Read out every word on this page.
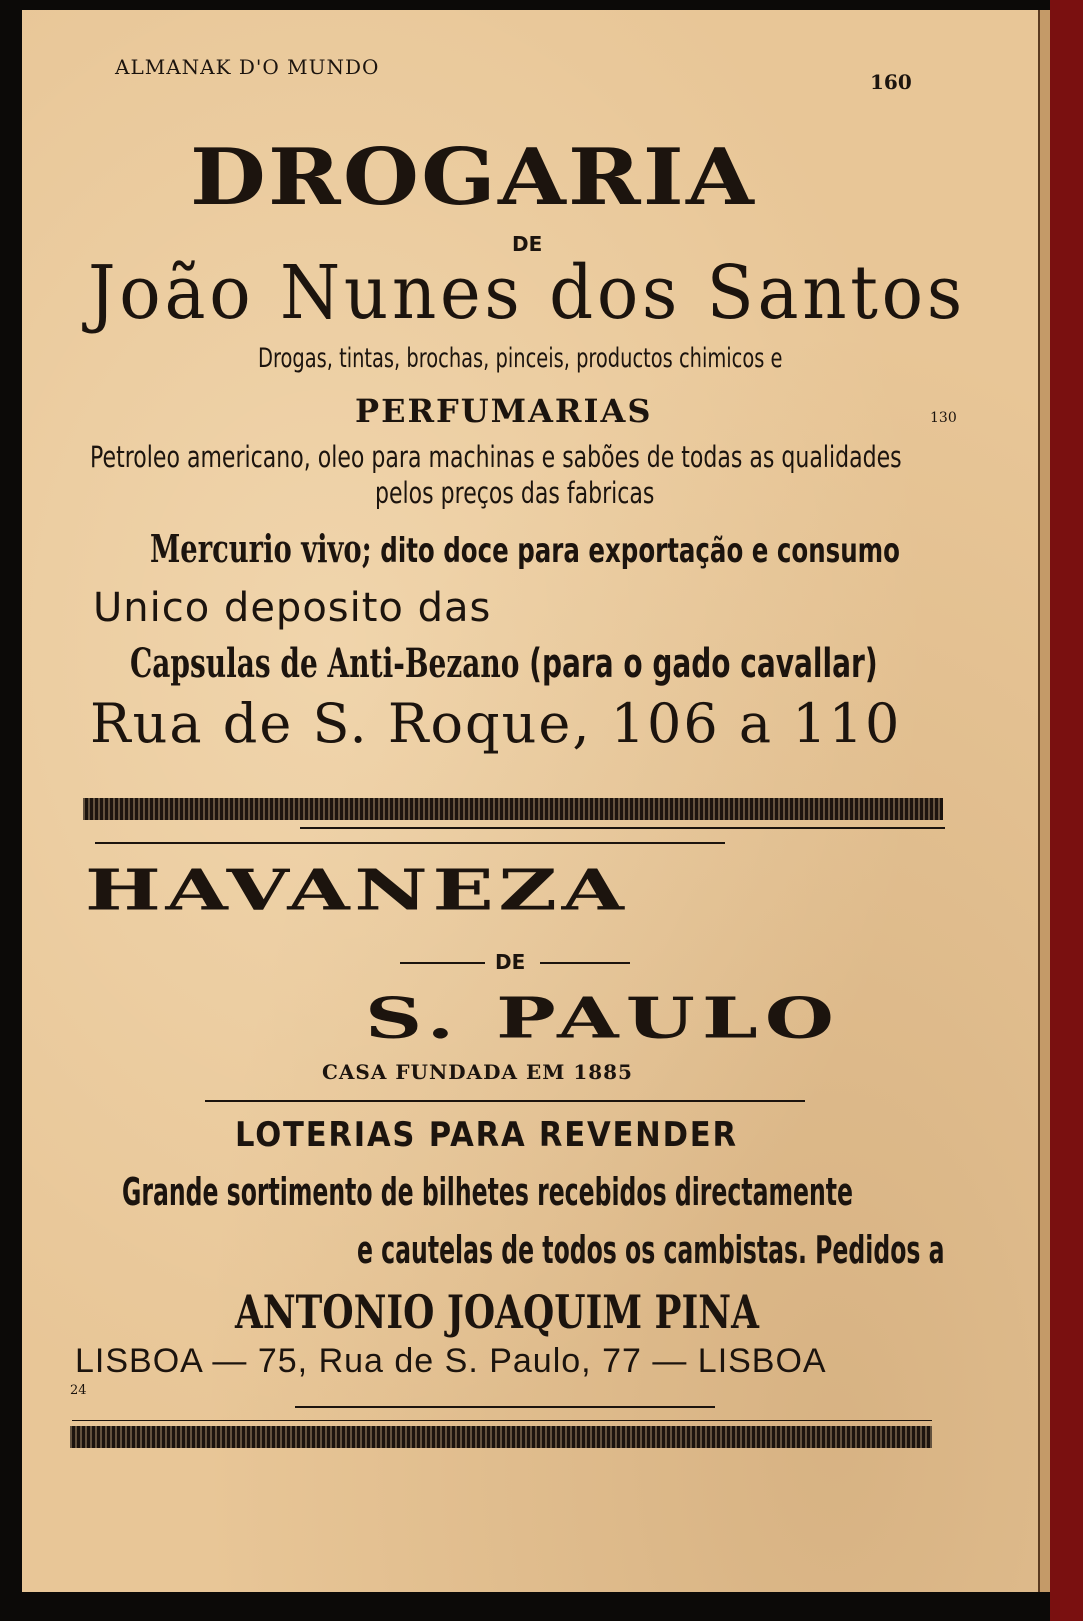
ALMANAK D'O MUNDO
160
DROGARIA
DE
João Nunes dos Santos
Drogas, tintas, brochas, pinceis, productos chimicos e
PERFUMARIAS	130
Petroleo americano, oleo para machinas e sabões de todas as qualidades
pelos preços das fabricas
Mercurio vivo; dito doce para exportação e consumo
Unico deposito das
Capsulas de Anti-Bezano (para o gado cavallar)
Rua de S. Roque, 106 a 110
HAVANEZA
DE
S. PAULO
CASA FUNDADA EM 1885
LOTERIAS PARA REVENDER
Grande sortimento de bilhetes recebidos directamente
e cautelas de todos os cambistas. Pedidos a
ANTONIO JOAQUIM PINA
LISBOA — 75, Rua de S. Paulo, 77 — LISBOA
24
